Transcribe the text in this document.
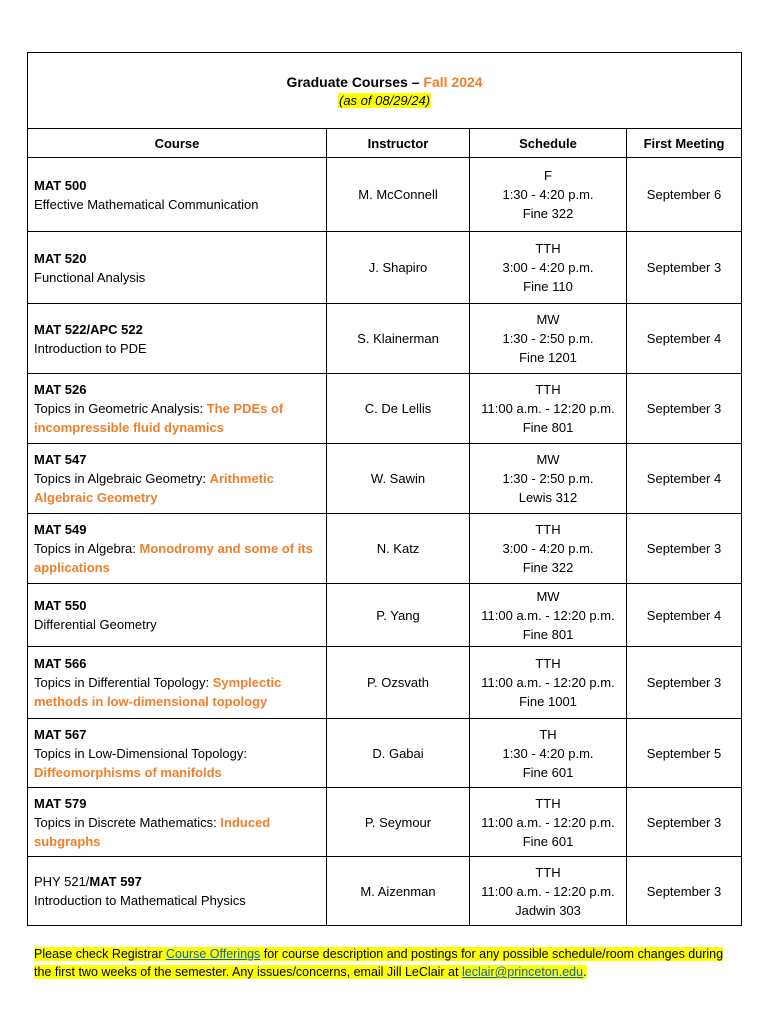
Graduate Courses – Fall 2024
(as of 08/29/24)			

Course	Instructor	Schedule	First Meeting
MAT 500
Effective Mathematical Communication	M. McConnell	F
1:30 - 4:20 p.m.
Fine 322	September 6
MAT 520
Functional Analysis	J. Shapiro	TTH
3:00 - 4:20 p.m.
Fine 110	September 3
MAT 522/APC 522
Introduction to PDE	S. Klainerman	MW
1:30 - 2:50 p.m.
Fine 1201	September 4
MAT 526
Topics in Geometric Analysis: The PDEs of incompressible fluid dynamics	C. De Lellis	TTH
11:00 a.m. - 12:20 p.m.
Fine 801	September 3
MAT 547
Topics in Algebraic Geometry: Arithmetic Algebraic Geometry	W. Sawin	MW
1:30 - 2:50 p.m.
Lewis 312	September 4
MAT 549
Topics in Algebra: Monodromy and some of its applications	N. Katz	TTH
3:00 - 4:20 p.m.
Fine 322	September 3
MAT 550
Differential Geometry	P. Yang	MW
11:00 a.m. - 12:20 p.m.
Fine 801	September 4
MAT 566
Topics in Differential Topology: Symplectic methods in low-dimensional topology	P. Ozsvath	TTH
11:00 a.m. - 12:20 p.m.
Fine 1001	September 3
MAT 567
Topics in Low-Dimensional Topology: Diffeomorphisms of manifolds	D. Gabai	TH
1:30 - 4:20 p.m.
Fine 601	September 5
MAT 579
Topics in Discrete Mathematics: Induced subgraphs	P. Seymour	TTH
11:00 a.m. - 12:20 p.m.
Fine 601	September 3
PHY 521/MAT 597
Introduction to Mathematical Physics	M. Aizenman	TTH
11:00 a.m. - 12:20 p.m.
Jadwin 303	September 3
Please check Registrar Course Offerings for course description and postings for any possible schedule/room changes during the first two weeks of the semester. Any issues/concerns, email Jill LeClair at leclair@princeton.edu.
